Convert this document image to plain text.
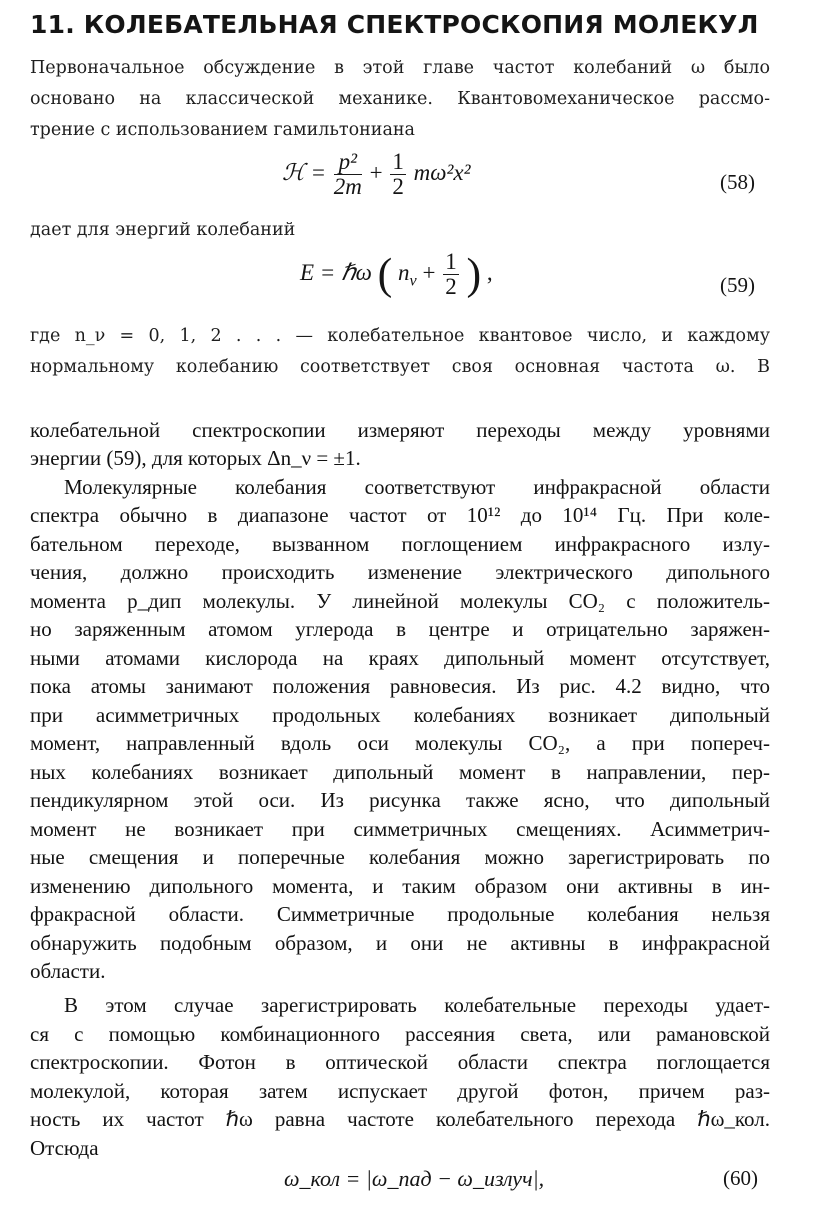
11. КОЛЕБАТЕЛЬНАЯ СПЕКТРОСКОПИЯ МОЛЕКУЛ
Первоначальное обсуждение в этой главе частот колебаний ω было
основано на классической механике. Квантовомеханическое рассмо-
трение с использованием гамильтониана
ℋ = $\frac{\text{p²}}{2m} + \frac{1}{2} m\omega^2x^2$	(58)
дает для энергий колебаний
E = ℏω ( $n_\nu + \frac{1}{2}$ ) ,
(59)
где n_ν = 0, 1, 2 . . . — колебательное квантовое число, и каждому
нормальному колебанию соответствует своя основная частота ω. В
колебательной спектроскопии измеряют переходы между уровнями
энергии (59), для которых Δn_ν = ±1.
Молекулярные колебания соответствуют инфракрасной области
спектра обычно в диапазоне частот от 10¹² до 10¹⁴ Гц. При коле-
бательном переходе, вызванном поглощением инфракрасного излу-
чения, должно происходить изменение электрического дипольного
момента p_дип молекулы. У линейной молекулы CO₂ с положитель-
но заряженным атомом углерода в центре и отрицательно заряжен-
ными атомами кислорода на краях дипольный момент отсутствует,
пока атомы занимают положения равновесия. Из рис. 4.2 видно, что
при асимметричных продольных колебаниях возникает дипольный
момент, направленный вдоль оси молекулы CO₂, а при попереч-
ных колебаниях возникает дипольный момент в направлении, пер-
пендикулярном этой оси. Из рисунка также ясно, что дипольный
момент не возникает при симметричных смещениях. Асимметрич-
ные смещения и поперечные колебания можно зарегистрировать по
изменению дипольного момента, и таким образом они активны в ин-
фракрасной области. Симметричные продольные колебания нельзя
обнаружить подобным образом, и они не активны в инфракрасной
области.
В этом случае зарегистрировать колебательные переходы удает-
ся с помощью комбинационного рассеяния света, или рамановской
спектроскопии. Фотон в оптической области спектра поглощается
молекулой, которая затем испускает другой фотон, причем раз-
ность их частот ℏω равна частоте колебательного перехода ℏω_кол.
Отсюда
ω_кол = |ω_пад − ω_излуч|,	(60)
